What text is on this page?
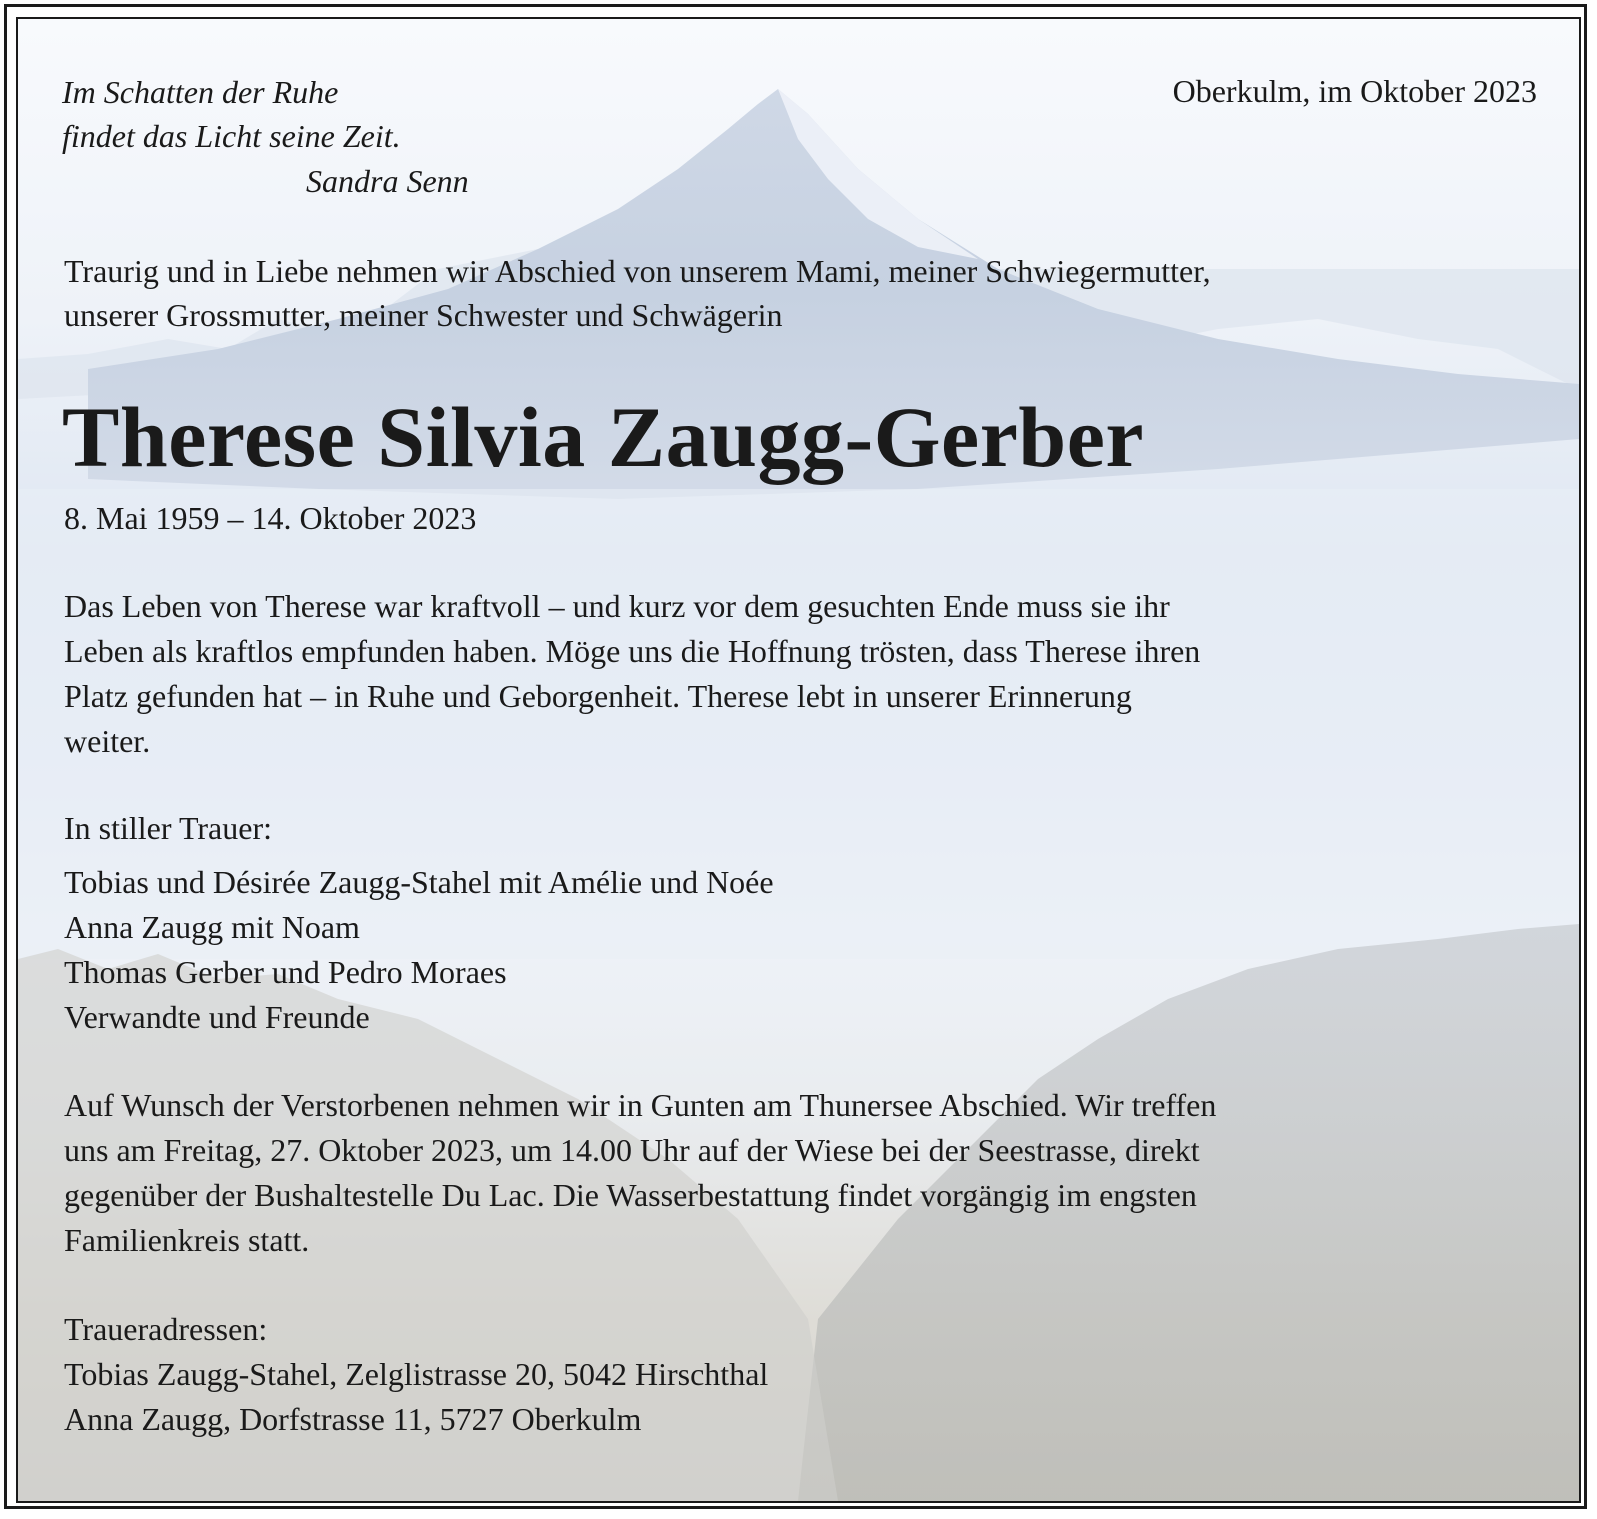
Im Schatten der Ruhe

findet das Licht seine Zeit.

Sandra Senn

Oberkulm, im Oktober 2023

Traurig und in Liebe nehmen wir Abschied von unserem Mami, meiner Schwiegermutter,

unserer Grossmutter, meiner Schwester und Schwägerin

Therese Silvia Zaugg-Gerber

8. Mai 1959 – 14. Oktober 2023

Das Leben von Therese war kraftvoll – und kurz vor dem gesuchten Ende muss sie ihr

Leben als kraftlos empfunden haben. Möge uns die Hoffnung trösten, dass Therese ihren

Platz gefunden hat – in Ruhe und Geborgenheit. Therese lebt in unserer Erinnerung

weiter.

In stiller Trauer:

Tobias und Désirée Zaugg-Stahel mit Amélie und Noée

Anna Zaugg mit Noam

Thomas Gerber und Pedro Moraes

Verwandte und Freunde

Auf Wunsch der Verstorbenen nehmen wir in Gunten am Thunersee Abschied. Wir treffen

uns am Freitag, 27. Oktober 2023, um 14.00 Uhr auf der Wiese bei der Seestrasse, direkt

gegenüber der Bushaltestelle Du Lac. Die Wasserbestattung findet vorgängig im engsten

Familienkreis statt.

Traueradressen:

Tobias Zaugg-Stahel, Zelglistrasse 20, 5042 Hirschthal

Anna Zaugg, Dorfstrasse 11, 5727 Oberkulm
